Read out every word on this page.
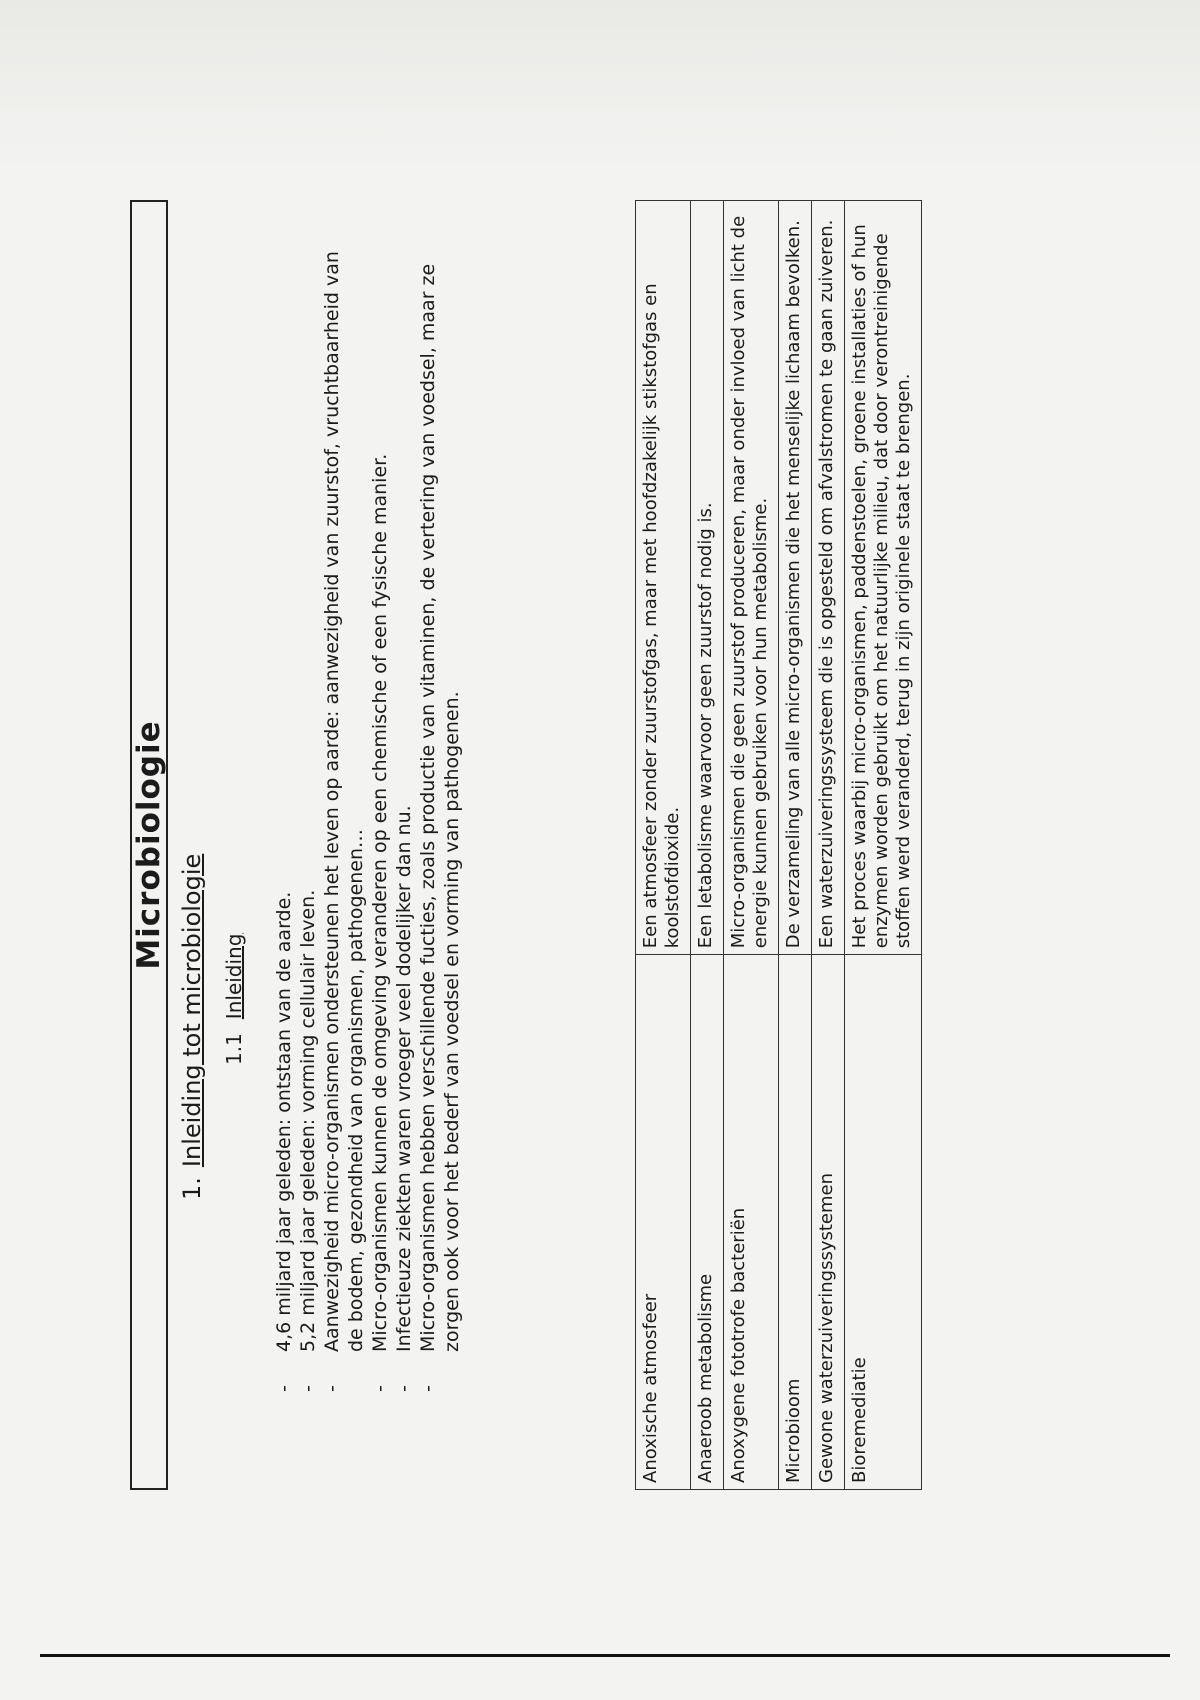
Microbiologie
1.Inleiding tot microbiologie 1.1Inleiding - 4,6 miljard jaar geleden: ontstaan van de aarde. - 5,2 miljard jaar geleden: vorming cellulair leven. - Aanwezigheid micro-organismen ondersteunen het leven op aarde: aanwezigheid van zuurstof, vruchtbaarheid van de bodem, gezondheid van organismen, pathogenen… - Micro-organismen kunnen de omgeving veranderen op een chemische of een fysische manier. - Infectieuze ziekten waren vroeger veel dodelijker dan nu. - Micro-organismen hebben verschillende fucties, zoals productie van vitaminen, de vertering van voedsel, maar ze zorgen ook voor het bederf van voedsel en vorming van pathogenen.
Anoxische atmosfeer	Een atmosfeer zonder zuurstofgas, maar met hoofdzakelijk stikstofgas en koolstofdioxide.
Anaeroob metabolisme	Een letabolisme waarvoor geen zuurstof nodig is.
Anoxygene fototrofe bacteriën	Micro-organismen die geen zuurstof produceren, maar onder invloed van licht de energie kunnen gebruiken voor hun metabolisme.
Microbioom	De verzameling van alle micro-organismen die het menselijke lichaam bevolken.
Gewone waterzuiveringssystemen	Een waterzuiveringssysteem die is opgesteld om afvalstromen te gaan zuiveren.
Bioremediatie	Het proces waarbij micro-organismen, paddenstoelen, groene installaties of hun enzymen worden gebruikt om het natuurlijke milieu, dat door verontreinigende stoffen werd veranderd, terug in zijn originele staat te brengen.
